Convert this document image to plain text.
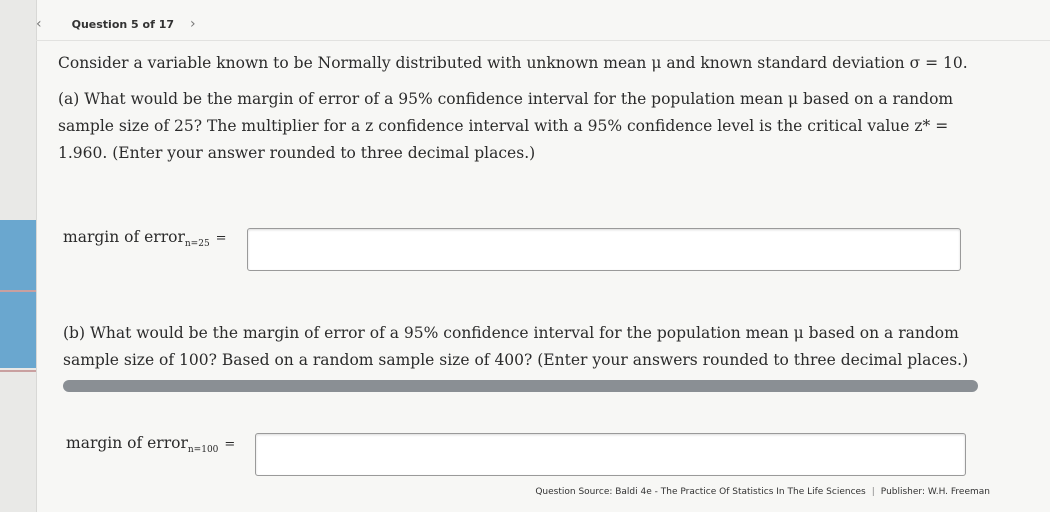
‹	Question 5 of 17 ›
Consider a variable known to be Normally distributed with unknown mean μ and known standard deviation σ = 10.
(a) What would be the margin of error of a 95% confidence interval for the population mean μ based on a random sample size of 25? The multiplier for a z confidence interval with a 95% confidence level is the critical value z* = 1.960. (Enter your answer rounded to three decimal places.)
margin of error$_{n=25}$ =
(b) What would be the margin of error of a 95% confidence interval for the population mean μ based on a random sample size of 100? Based on a random sample size of 400? (Enter your answers rounded to three decimal places.)
margin of error$_{n=100}$ =
Question Source: Baldi 4e - The Practice Of Statistics In The Life Sciences | Publisher: W.H. Freeman
